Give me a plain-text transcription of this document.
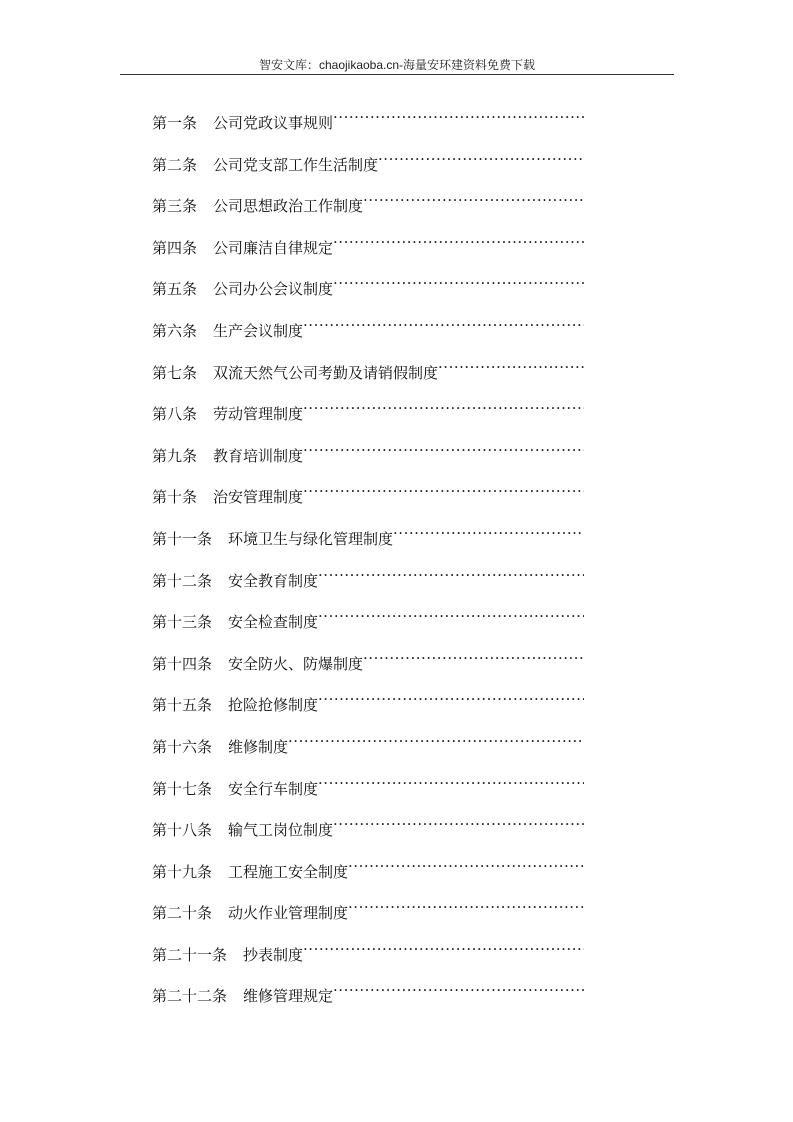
智安文库：chaojikaoba.cn-海量安环建资料免费下载
第一条 公司党政议事规则
·····
第二条 公司党支部工作生活制度
·····
第三条 公司思想政治工作制度
·····
第四条 公司廉洁自律规定
·····
第五条 公司办公会议制度
·····
第六条 生产会议制度
·····
第七条 双流天然气公司考勤及请销假制度
·····
第八条 劳动管理制度
·····
第九条 教育培训制度
·····
第十条 治安管理制度
·····
第十一条 环境卫生与绿化管理制度
·····
第十二条 安全教育制度
·····
第十三条 安全检查制度
·····
第十四条 安全防火、防爆制度
·····
第十五条 抢险抢修制度
·····
第十六条 维修制度
·····
第十七条 安全行车制度
·····
第十八条 输气工岗位制度
·····
第十九条 工程施工安全制度
·····
第二十条 动火作业管理制度
·····
第二十一条 抄表制度
·····
第二十二条 维修管理规定
·····
